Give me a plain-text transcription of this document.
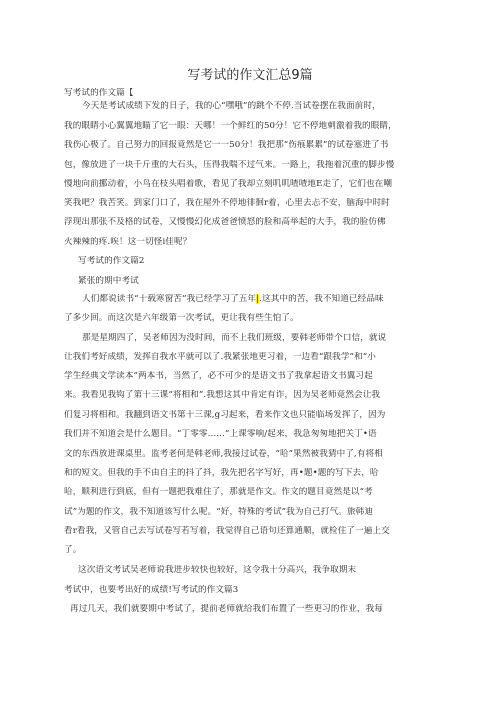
写考试的作文汇总9篇
写考试的作文篇【
今天是考试成绩下发的日子，我的心“嘿哦”的跳个不停.当试卷摆在我面前时，
我的眼睛小心翼翼地瞄了它一眼：天哪！一个鲜红的50分！它不停地刺激着我的眼睛，
我伤心极了。自己努力的回报竟然是它一一50分！我把那“伤痕累累”的试卷塞进了书
包，像放进了一块千斤重的大石头，压得我喘不过气来。一路上，我拖着沉重的脚步慢
慢地向前挪动着，小鸟在枝头唱着歌，看见了我却立刻叽叽喳喳地E走了，它们也在嘲
笑我吧？我苦笑。到家门口了，我在屋外不停地徘徊r着，心里去忐不安，脑海中时时
浮现出那张不及格的试卷，又慢慢幻化成爸爸愤怒的脸和高举起的大手，我的脸仿佛
火辣辣的疼.唉！这一切怪i佳呢？
写考试的作文篇2
紧张的期中考试
人们都说读书“十载寒窗苦”我已经学习了五年|.这其中的苦，我不知道已经品味
了多少回。而这次是六年级第一次考试，更让我有些生怕了。
那是星期四了，吴老师因为没时间，而不上我们班级，要韩老师带个口信，就说
让我们考好成绩，发挥自我水平就可以了.我紧张地更习着，一边看“跟我学”和“小
学生经典文学读本”两本书，当然了，必不可少的是语文书了我拿起语文书翼习起
来。我看见我钩了第十三课“将相和”.我想这其中肯定有诈，因为吴老师竟然会让我
们复习将相和。我翻到语文书第十三课,g习起来，看来作文也只能临场发挥了，因为
我们并不知道会是什么题目。“丁零零……”上课零响/起来，我急匆匆地把关丁•语
文的东西放进课桌里。监考老何是韩老师,我接过试卷，“哈”果然被我猜中了,有将相
和的短文。但我的手不由自主的抖了抖，我先把名字写好，再•题•题的写下去，哈
哈，顺利进行到底，但有一题把我难住了，那就是作文。作文的题目竟然是以“考
试”为题的作文，我不知道该写什么呢。“好，特殊的考试”我为自己打气。旅韩迪
看r看我，又管自己去写试卷写若写着，我觉得自己语句还算通顺，就检住了一遍上交
了。
这次语文考试吴老师说我进步较快也较好，这令我十分高兴，我争取期末
考试中，也要考出好的成绩!写考试的作文篇3
再过几天，我们就要期中考试了，提前老师就给我们布置了一些更习的作业，我每
